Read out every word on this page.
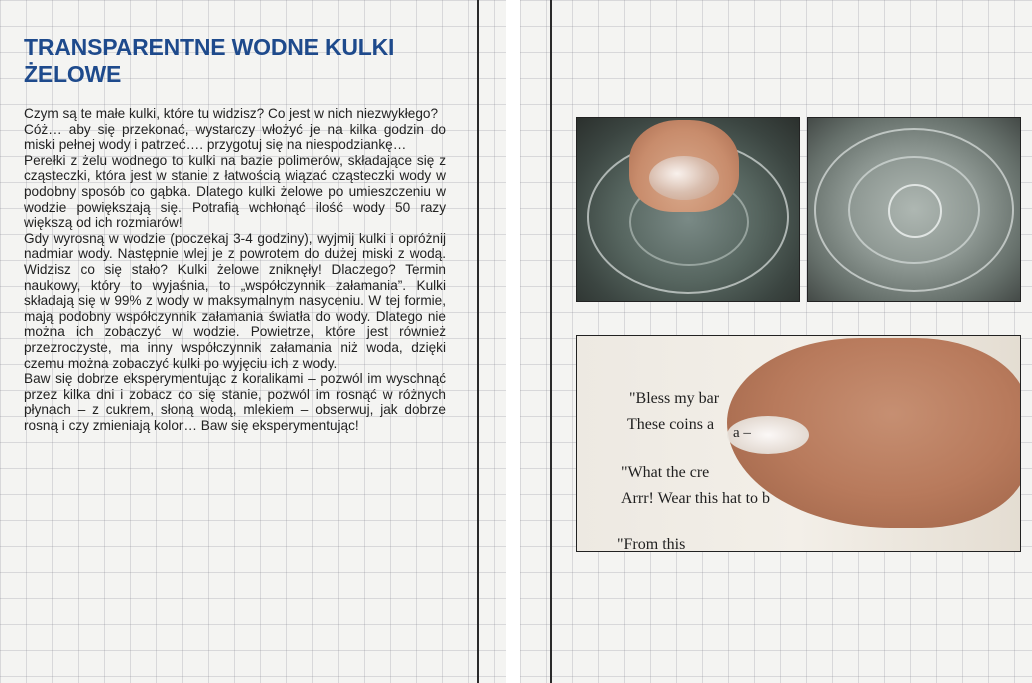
TRANSPARENTNE WODNE KULKI ŻELOWE

Czym są te małe kulki, które tu widzisz? Co jest w nich niezwykłego?

Cóż… aby się przekonać, wystarczy włożyć je na kilka godzin do miski pełnej wody i patrzeć…. przygotuj się na niespodziankę…

Perełki z żelu wodnego to kulki na bazie polimerów, składające się z cząsteczki, która jest w stanie z łatwością wiązać cząsteczki wody w podobny sposób co gąbka. Dlatego kulki żelowe po umieszczeniu w wodzie powiększają się. Potrafią wchłonąć ilość wody 50 razy większą od ich rozmiarów!

Gdy wyrosną w wodzie (poczekaj 3-4 godziny), wyjmij kulki i opróżnij nadmiar wody. Następnie wlej je z powrotem do dużej miski z wodą. Widzisz co się stało? Kulki żelowe zniknęły! Dlaczego? Termin naukowy, który to wyjaśnia, to „współczynnik załamania”. Kulki składają się w 99% z wody w maksymalnym nasyceniu. W tej formie, mają podobny współczynnik załamania światła do wody. Dlatego nie można ich zobaczyć w wodzie. Powietrze, które jest również przezroczyste, ma inny współczynnik załamania niż woda, dzięki czemu można zobaczyć kulki po wyjęciu ich z wody.

Baw się dobrze eksperymentując z koralikami – pozwól im wyschnąć przez kilka dni i zobacz co się stanie, pozwól im rosnąć w różnych płynach – z cukrem, słoną wodą, mlekiem – obserwuj, jak dobrze rosną i czy zmieniają kolor… Baw się eksperymentując!

"Bless my bar

These coins a

"What the cre

Arrr! Wear this hat to b

"From this

a –
